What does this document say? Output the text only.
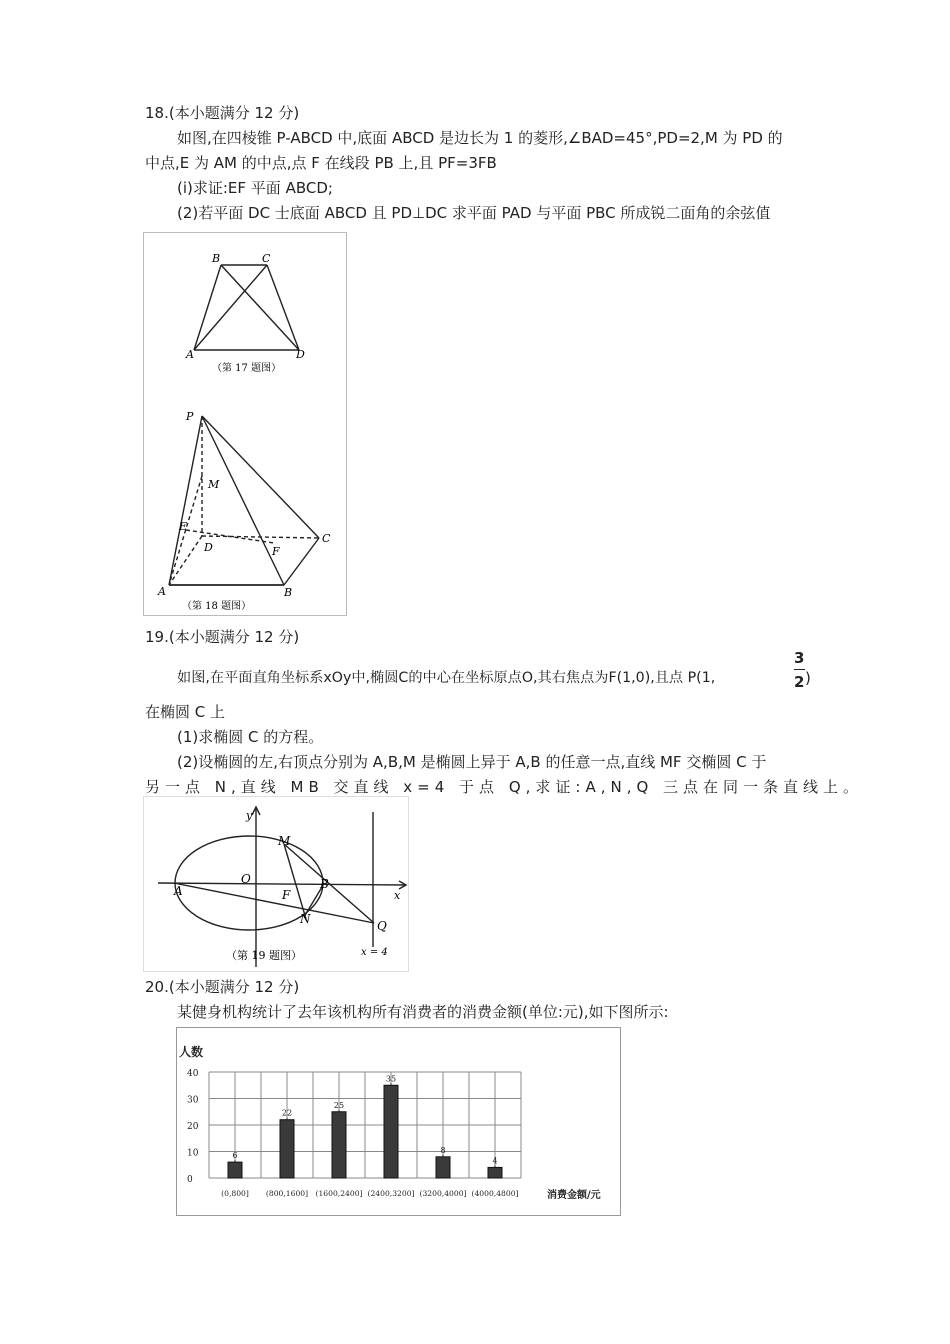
18.(本小题满分 12 分)
如图,在四棱锥 P-ABCD 中,底面 ABCD 是边长为 1 的菱形,∠BAD=45°,PD=2,M 为 PD 的
中点,E 为 AM 的中点,点 F 在线段 PB 上,且 PF=3FB
(i)求证:EF 平面 ABCD;
(2)若平面 DC 士底面 ABCD 且 PD⊥DC 求平面 PAD 与平面 PBC 所成锐二面角的余弦值
B	C
A	D
（第 17 题图）
P
M
E
D	F
C
A	B
（第 18 题图）
19.(本小题满分 12 分)
如图,在平面直角坐标系xOy中,椭圆C的中心在坐标原点O,其右焦点为F(1,0),且点 P(1,
3
2 )
在椭圆 C 上
(1)求椭圆 C 的方程。
(2)设椭圆的左,右顶点分别为 A,B,M 是椭圆上异于 A,B 的任意一点,直线 MF 交椭圆 C 于
另一点 N,直线 MB 交直线 x=4 于点 Q,求证:A,N,Q 三点在同一条直线上。
y
M
O
A	F
B
x
N	Q
x = 4
（第 19 题图）
20.(本小题满分 12 分)
某健身机构统计了去年该机构所有消费者的消费金额(单位:元),如下图所示:
人数
0
10
20
30
40
6
(0,800]
22
(800,1600]
25
(1600,2400]
35
(2400,3200]
8
(3200,4000]
4
(4000,4800]	消费金额/元
